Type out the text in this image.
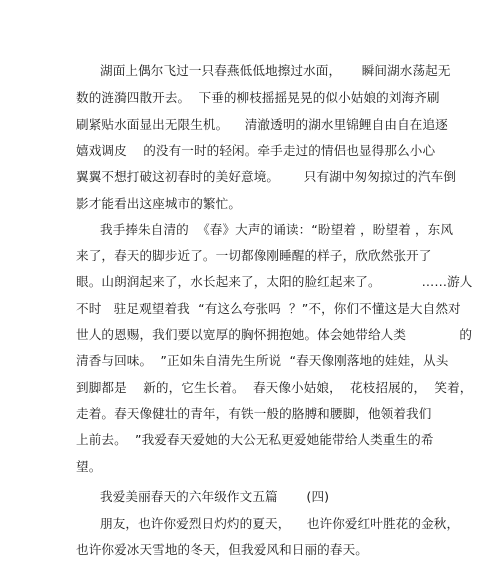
湖面上偶尔飞过一只春燕低低地擦过水面，     瞬间湖水荡起无
数的涟漪四散开去。  下垂的柳枝摇摇晃晃的似小姑娘的刘海齐刷
刷紧贴水面显出无限生机。    清澈透明的湖水里锦鲤自由自在追逐
嬉戏调皮    的没有一时的轻闲。牵手走过的情侣也显得那么小心
翼翼不想打破这初春时的美好意境。      只有湖中匆匆掠过的汽车倒
影才能看出这座城市的繁忙。
我手捧朱自清的  《春》大声的诵读：“盼望着 ，盼望着 ，东风
来了，春天的脚步近了。一切都像刚睡醒的样子，欣欣然张开了
眼。山朗润起来了，水长起来了，太阳的脸红起来了。          ……游人
不时   驻足观望着我  “有这么夸张吗  ？”不，你们不懂这是大自然对
世人的恩赐，我们要以宽厚的胸怀拥抱她。体会她带给人类             的
清香与回味。  ”正如朱自清先生所说  “春天像刚落地的娃娃，从头
到脚都是    新的，它生长着。  春天像小姑娘，  花枝招展的，  笑着，
走着。春天像健壮的青年，有铁一般的胳膊和腰脚，他领着我们
上前去。  ”我爱春天爱她的大公无私更爱她能带给人类重生的希
望。
我爱美丽春天的六年级作文五篇       (四)
朋友，也许你爱烈日灼灼的夏天，    也许你爱红叶胜花的金秋，
也许你爱冰天雪地的冬天，但我爱风和日丽的春天。
